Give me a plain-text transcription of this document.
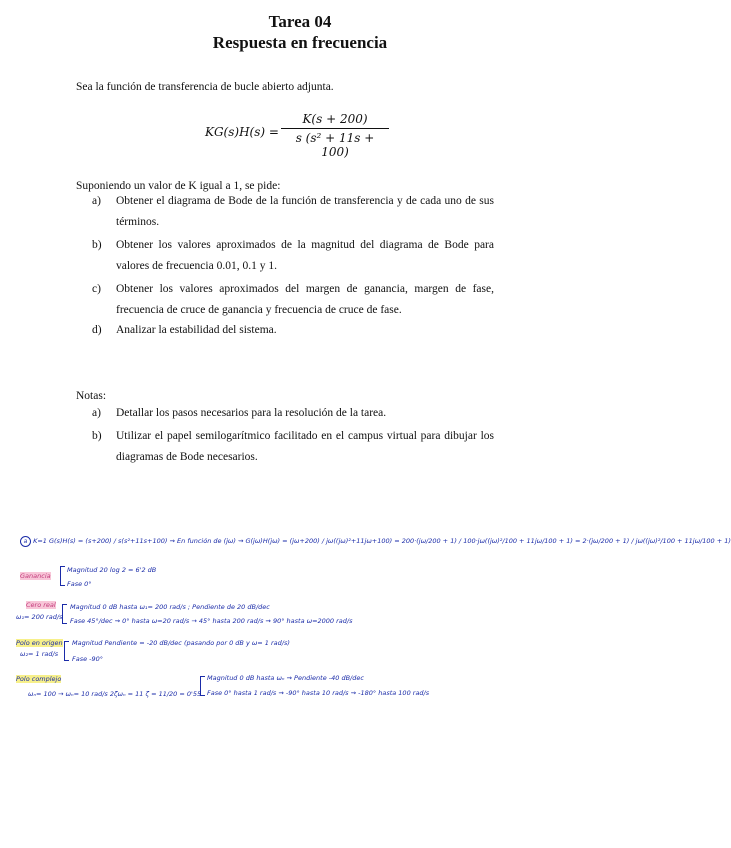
Tarea 04
Respuesta en frecuencia
Sea la función de transferencia de bucle abierto adjunta.
$KG(s)H(s) = \frac{K(s + 200)}{\text{s (s² + 11s + 100)}}$
Suponiendo un valor de K igual a 1, se pide:
a) Obtener el diagrama de Bode de la función de transferencia y de cada uno de sus términos.
b) Obtener los valores aproximados de la magnitud del diagrama de Bode para valores de frecuencia 0.01, 0.1 y 1.
c) Obtener los valores aproximados del margen de ganancia, margen de fase, frecuencia de cruce de ganancia y frecuencia de cruce de fase.
d) Analizar la estabilidad del sistema.
Notas:
a) Detallar los pasos necesarios para la resolución de la tarea.
b) Utilizar el papel semilogarítmico facilitado en el campus virtual para dibujar los diagramas de Bode necesarios.
a K=1 G(s)H(s) = (s+200) / s(s²+11s+100) ⇝ En función de (jω) ⇝ G(jω)H(jω) = (jω+200) / jω((jω)²+11jω+100) = 200·(jω/200 + 1) / 100·jω((jω)²/100 + 11jω/100 + 1) = 2·(jω/200 + 1) / jω((jω)²/100 + 11jω/100 + 1)
Ganancia
Magnitud 20 log 2 = 6'2 dB
Fase 0°
Cero real
ω₁= 200 rad/s
Magnitud 0 dB hasta ω₁= 200 rad/s ; Pendiente de 20 dB/dec
Fase 45°/dec ⇝ 0° hasta ω=20 rad/s → 45° hasta 200 rad/s ⇝ 90° hasta ω=2000 rad/s
Polo en origen
ω₂= 1 rad/s
Magnitud Pendiente = -20 dB/dec (pasando por 0 dB y ω= 1 rad/s)
Fase -90°
Polo complejo
ωₙ= 100 → ωₙ= 10 rad/s 2ζωₙ = 11 ζ = 11/20 = 0'55
Magnitud 0 dB hasta ωₙ ⇝ Pendiente -40 dB/dec
Fase 0° hasta 1 rad/s ⇝ -90° hasta 10 rad/s ⇝ -180° hasta 100 rad/s
